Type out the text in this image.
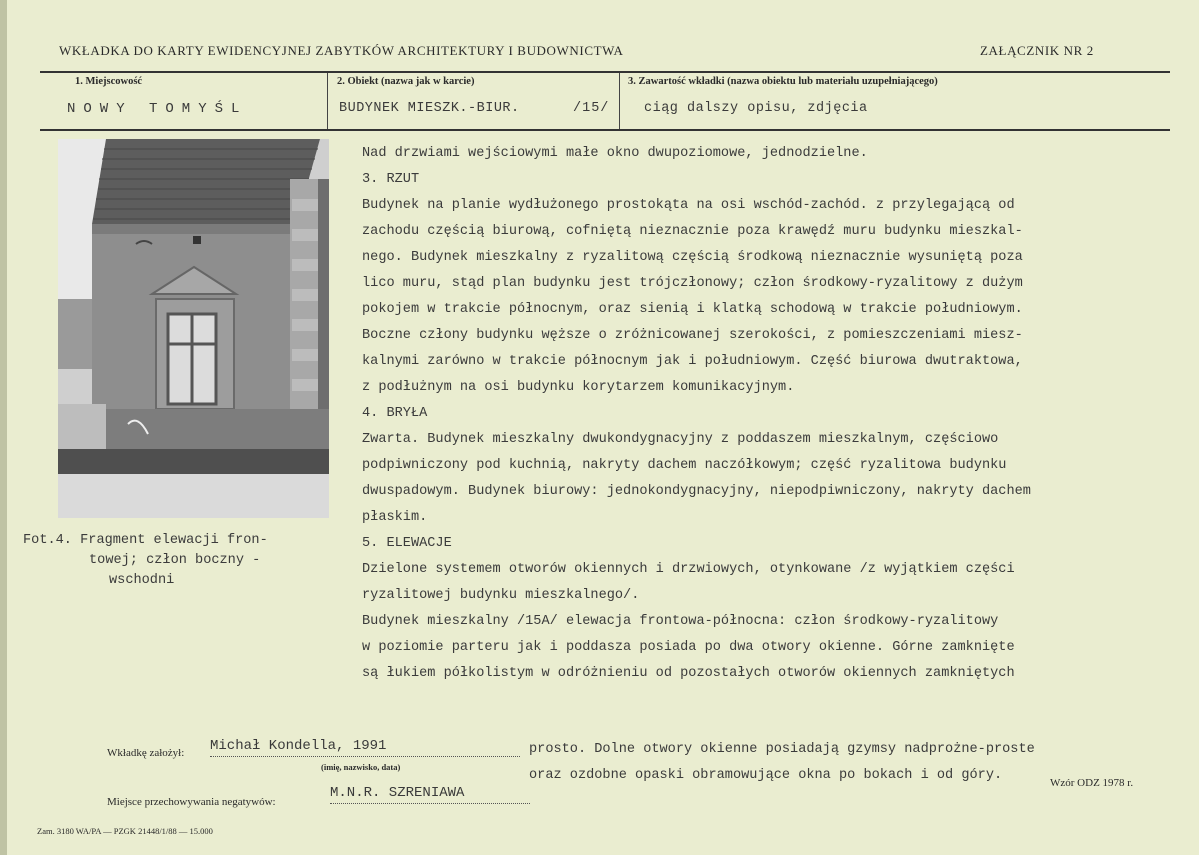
WKŁADKA DO KARTY EWIDENCYJNEJ ZABYTKÓW ARCHITEKTURY I BUDOWNICTWA	ZAŁĄCZNIK NR 2
1. Miejscowość
NOWY TOMYŚL
2. Obiekt (nazwa jak w karcie)
BUDYNEK MIESZK.-BIUR.	/15/
3. Zawartość wkładki (nazwa obiektu lub materiału uzupełniającego)
ciąg dalszy opisu, zdjęcia
Fot.4. Fragment elewacji fron-
towej; człon boczny -
wschodni

Nad drzwiami wejściowymi małe okno dwupoziomowe, jednodzielne.

3. RZUT

Budynek na planie wydłużonego prostokąta na osi wschód-zachód. z przylegającą od

zachodu częścią biurową, cofniętą nieznacznie poza krawędź muru budynku mieszkal-

nego. Budynek mieszkalny z ryzalitową częścią środkową nieznacznie wysuniętą poza

lico muru, stąd plan budynku jest trójczłonowy; człon środkowy-ryzalitowy z dużym

pokojem w trakcie północnym, oraz sienią i klatką schodową w trakcie południowym.

Boczne człony budynku węższe o zróżnicowanej szerokości, z pomieszczeniami miesz-

kalnymi zarówno w trakcie północnym jak i południowym. Część biurowa dwutraktowa,

z podłużnym na osi budynku korytarzem komunikacyjnym.

4. BRYŁA

Zwarta. Budynek mieszkalny dwukondygnacyjny z poddaszem mieszkalnym, częściowo

podpiwniczony pod kuchnią, nakryty dachem naczółkowym; część ryzalitowa budynku

dwuspadowym. Budynek biurowy: jednokondygnacyjny, niepodpiwniczony, nakryty dachem

płaskim.

5. ELEWACJE

Dzielone systemem otworów okiennych i drzwiowych, otynkowane /z wyjątkiem części

ryzalitowej budynku mieszkalnego/.

Budynek mieszkalny /15A/ elewacja frontowa-północna: człon środkowy-ryzalitowy

w poziomie parteru jak i poddasza posiada po dwa otwory okienne. Górne zamknięte

są łukiem półkolistym w odróżnieniu od pozostałych otworów okiennych zamkniętych

prosto. Dolne otwory okienne posiadają gzymsy nadprożne-proste

oraz ozdobne opaski obramowujące okna po bokach i od góry.

Wkładkę założył: Michał Kondella, 1991
(imię, nazwisko, data)
Miejsce przechowywania negatywów:
M.N.R. SZRENIAWA
Wzór ODZ 1978 r.
Zam. 3180 WA/PA — PZGK 21448/1/88 — 15.000
